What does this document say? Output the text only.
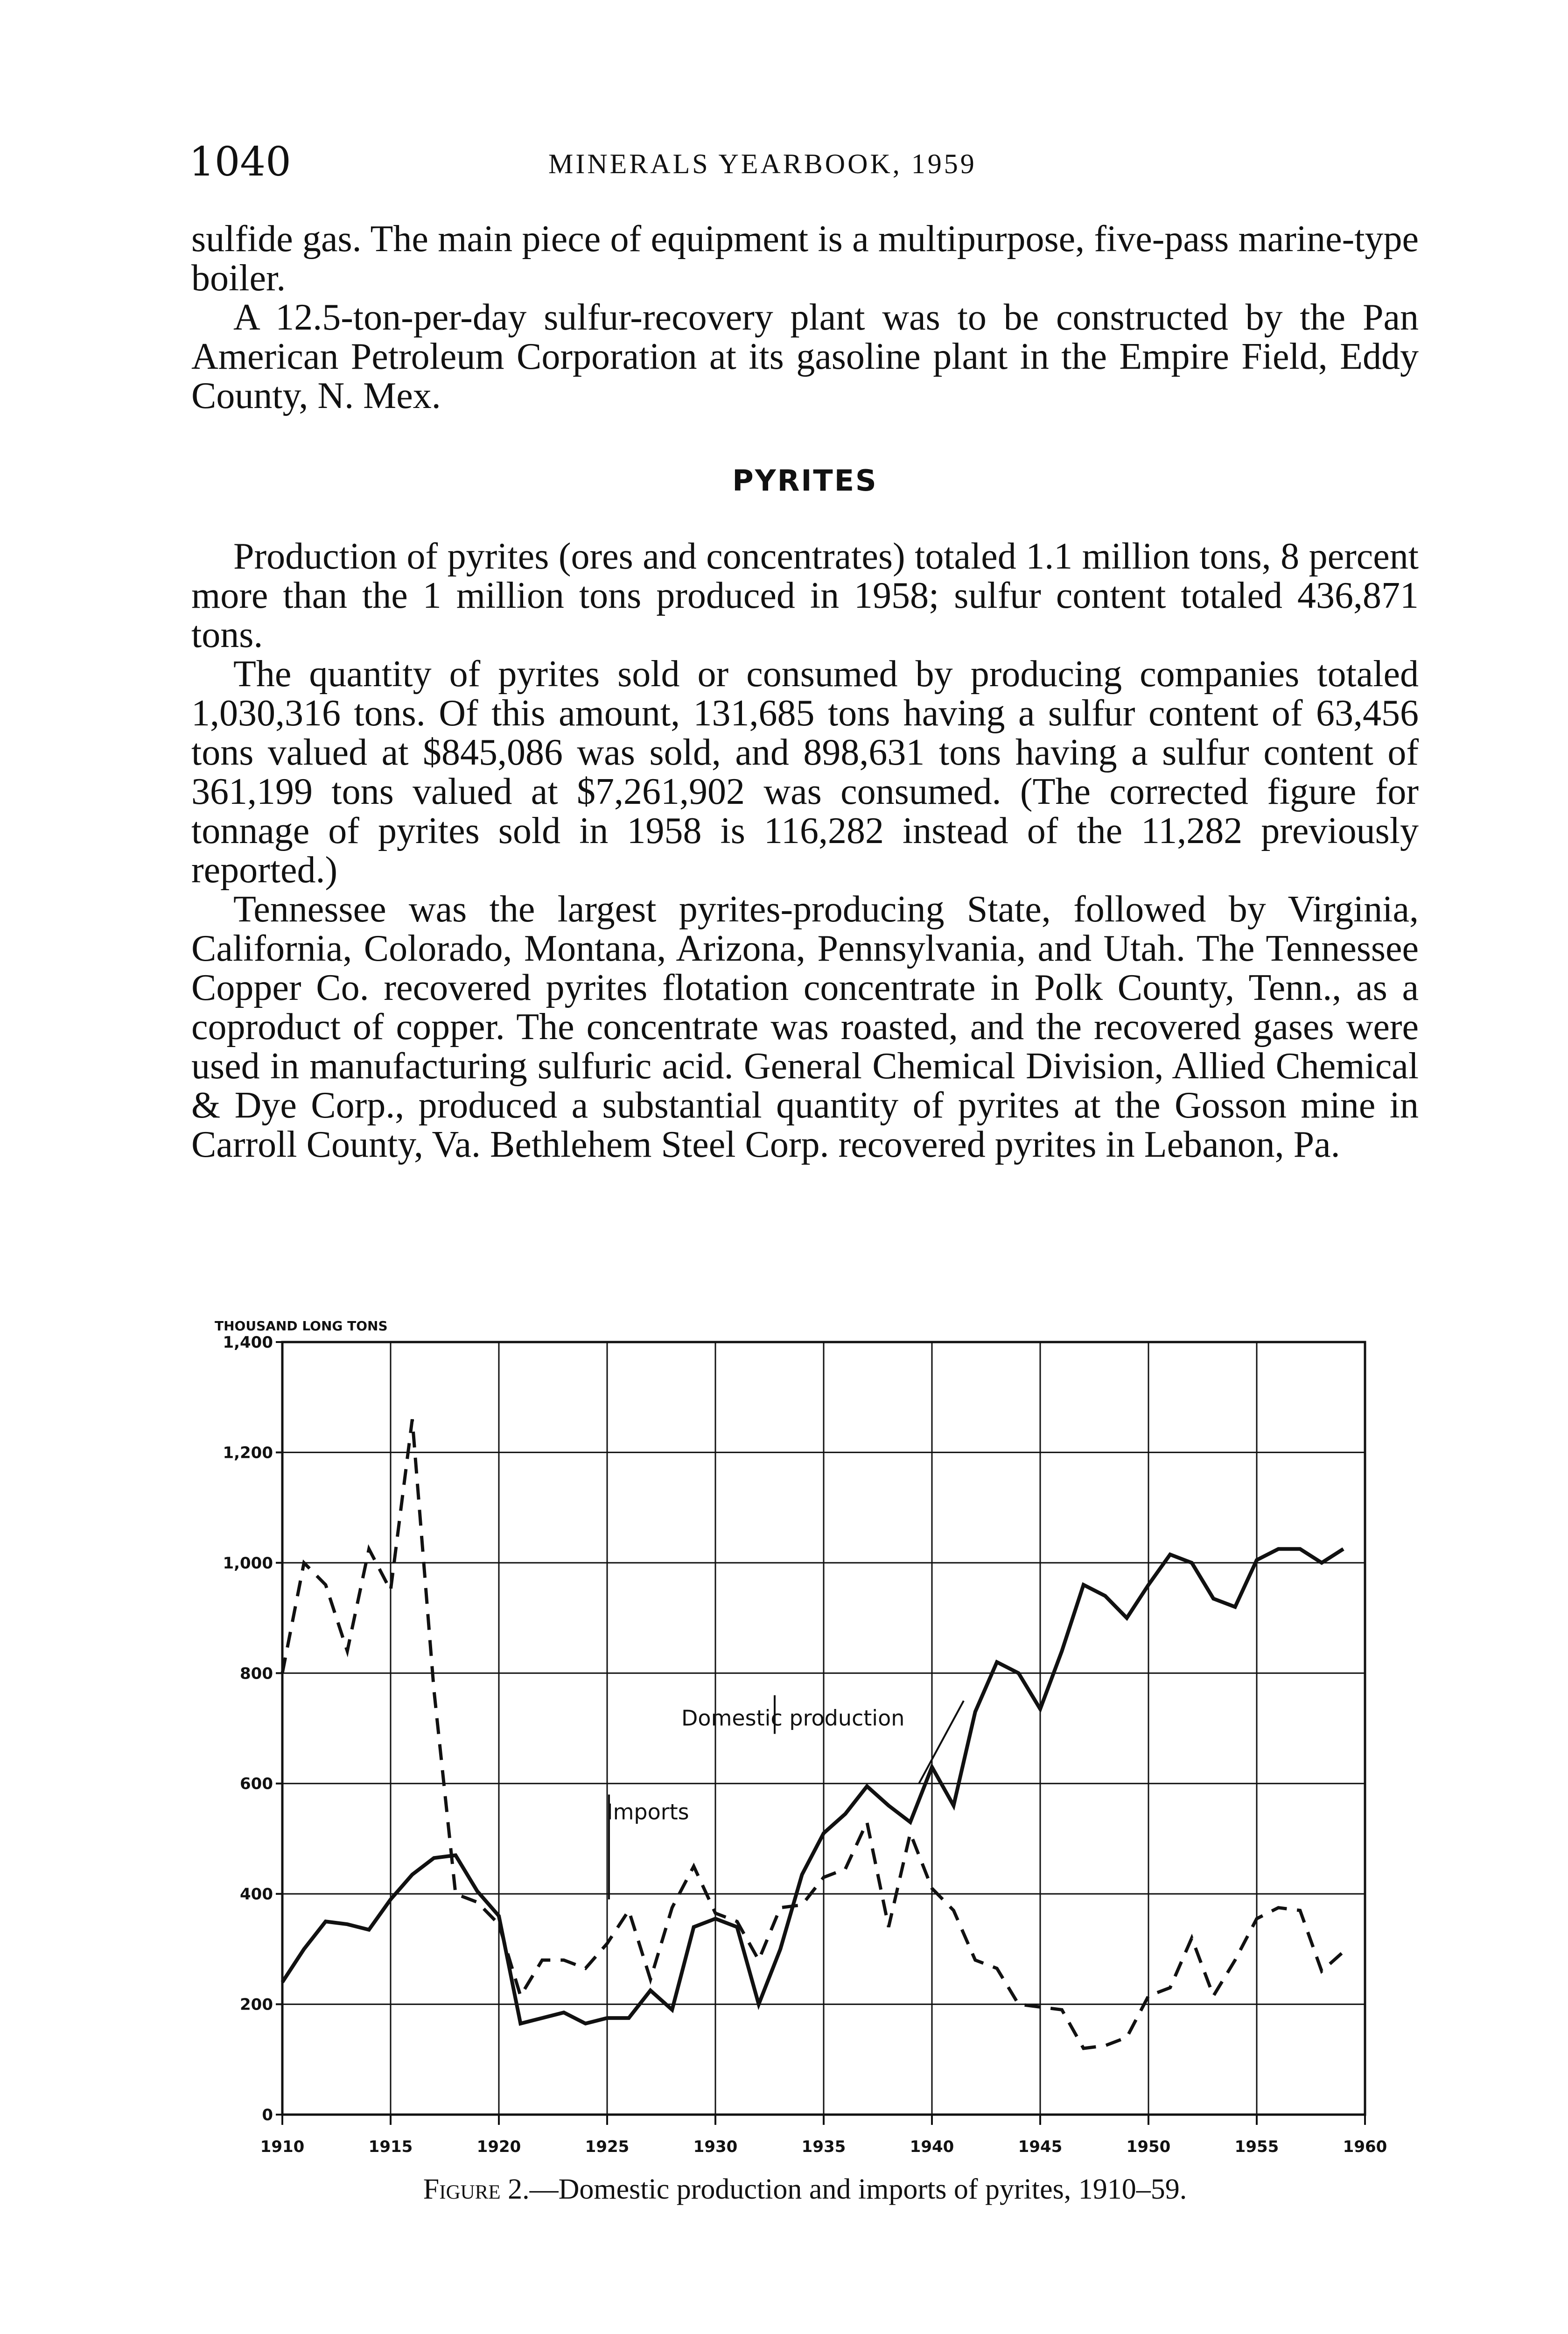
1040	MINERALS YEARBOOK, 1959

sulfide gas. The main piece of equipment is a multipurpose, five-pass marine-type boiler.

A 12.5-ton-per-day sulfur-recovery plant was to be constructed by the Pan American Petroleum Corporation at its gasoline plant in the Empire Field, Eddy County, N. Mex.

PYRITES

Production of pyrites (ores and concentrates) totaled 1.1 million tons, 8 percent more than the 1 million tons produced in 1958; sulfur content totaled 436,871 tons.

The quantity of pyrites sold or consumed by producing companies totaled 1,030,316 tons. Of this amount, 131,685 tons having a sulfur content of 63,456 tons valued at $845,086 was sold, and 898,631 tons having a sulfur content of 361,199 tons valued at $7,261,902 was consumed. (The corrected figure for tonnage of pyrites sold in 1958 is 116,282 instead of the 11,282 previously reported.)

Tennessee was the largest pyrites-producing State, followed by Virginia, California, Colorado, Montana, Arizona, Pennsylvania, and Utah. The Tennessee Copper Co. recovered pyrites flotation concentrate in Polk County, Tenn., as a coproduct of copper. The concentrate was roasted, and the recovered gases were used in manufacturing sulfuric acid. General Chemical Division, Allied Chemical & Dye Corp., produced a substantial quantity of pyrites at the Gosson mine in Carroll County, Va. Bethlehem Steel Corp. recovered pyrites in Lebanon, Pa.

1910	1915	1920	1925	1930	1935	1940	1945	1950	1955	1960
0
200
400
600
800
1,000
1,200
1,400
THOUSAND LONG TONS
Domestic production
Imports
Figure 2.—Domestic production and imports of pyrites, 1910–59.
